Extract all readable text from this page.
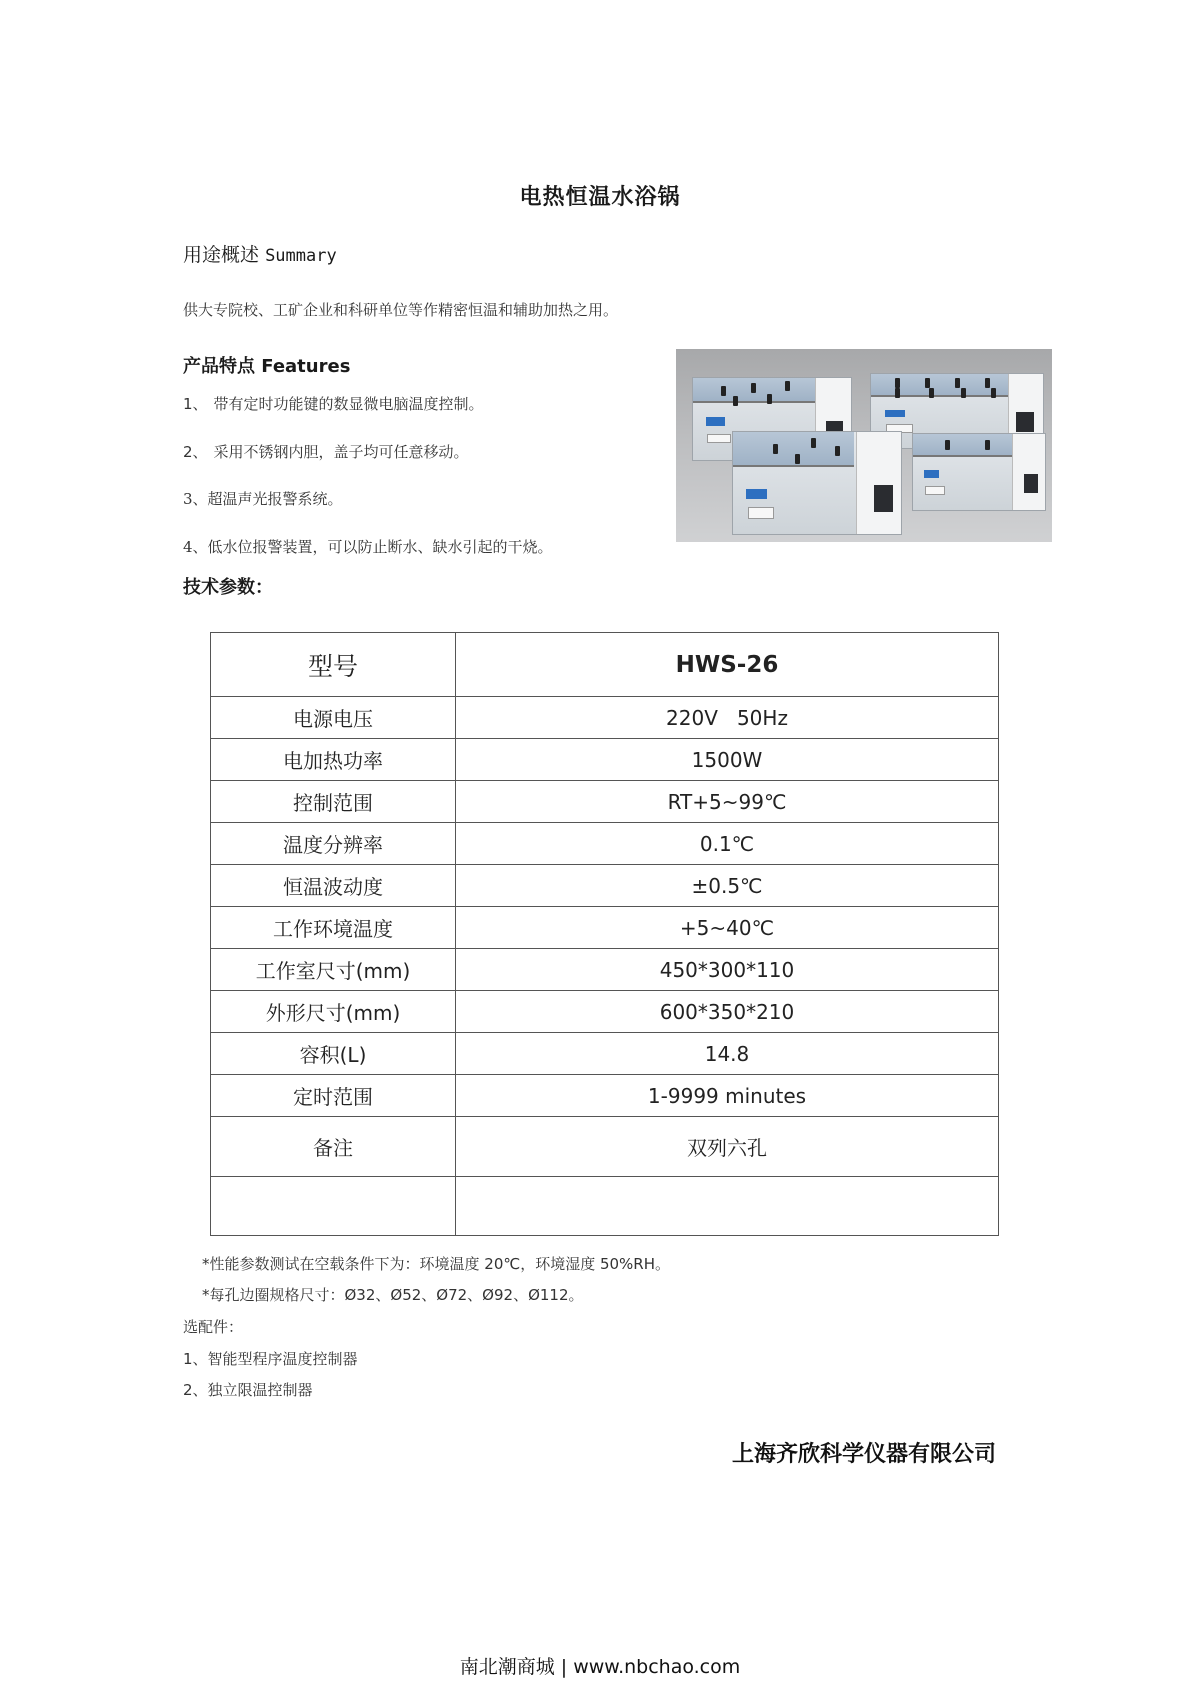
电热恒温水浴锅
用途概述 Summary
供大专院校、工矿企业和科研单位等作精密恒温和辅助加热之用。
产品特点 Features
1、 带有定时功能键的数显微电脑温度控制。
2、 采用不锈钢内胆，盖子均可任意移动。
3、超温声光报警系统。
4、低水位报警装置，可以防止断水、缺水引起的干烧。
技术参数：
型号	HWS-26
电源电压	220V   50Hz
电加热功率	1500W
控制范围	RT+5~99℃
温度分辨率	0.1℃
恒温波动度	±0.5℃
工作环境温度	+5~40℃
工作室尺寸(mm)	450*300*110
外形尺寸(mm)	600*350*210
容积(L)	14.8
定时范围	1-9999 minutes
备注	双列六孔

*性能参数测试在空载条件下为：环境温度 20℃，环境湿度 50%RH。
*每孔边圈规格尺寸：Ø32、Ø52、Ø72、Ø92、Ø112。
选配件：
1、智能型程序温度控制器
2、独立限温控制器
上海齐欣科学仪器有限公司
南北潮商城 | www.nbchao.com
